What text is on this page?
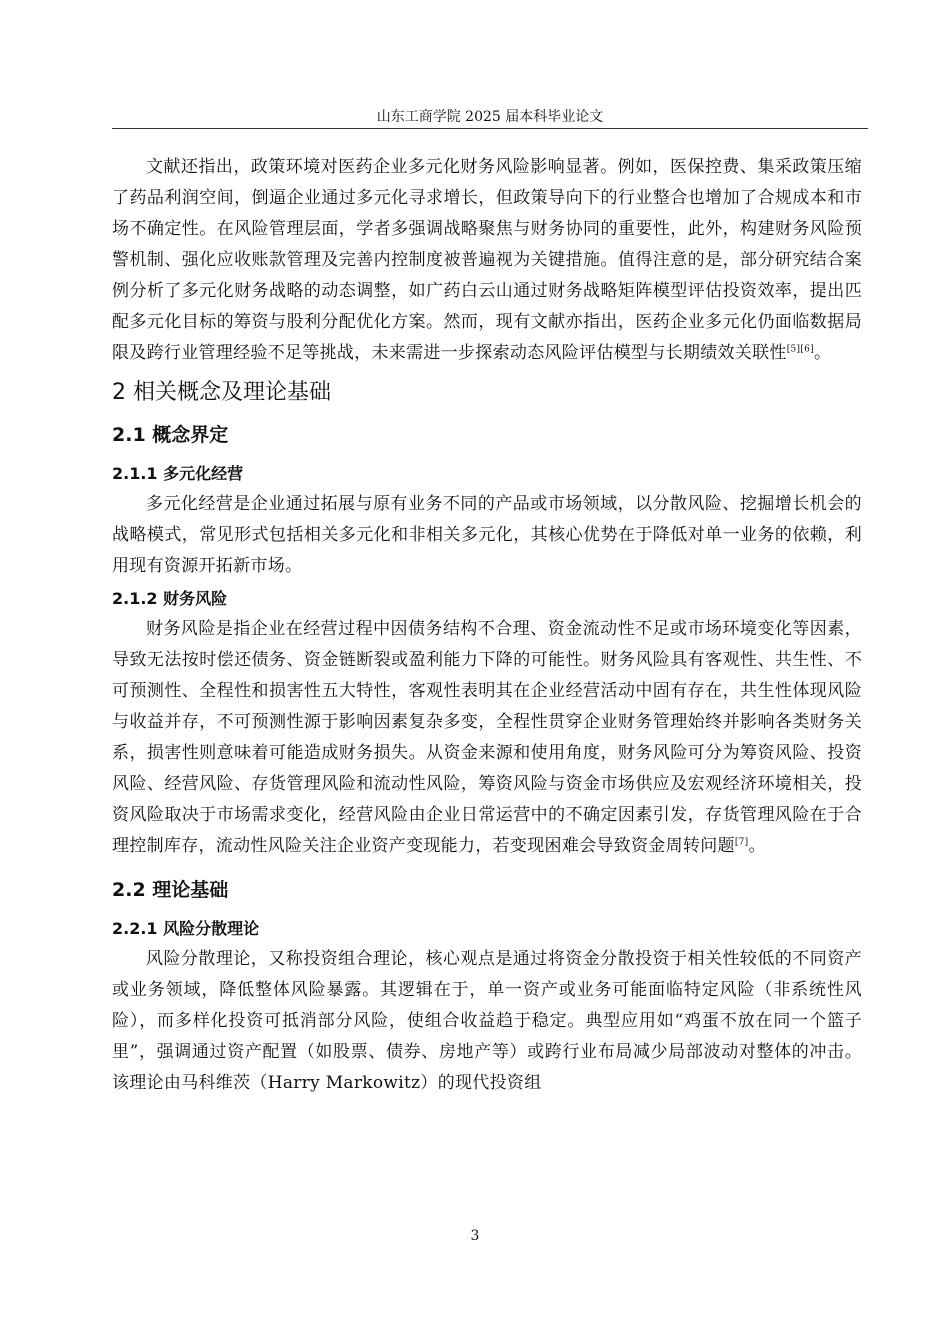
山东工商学院 2025 届本科毕业论文

文献还指出，政策环境对医药企业多元化财务风险影响显著。例如，医保控费、集采政策压缩了药品利润空间，倒逼企业通过多元化寻求增长，但政策导向下的行业整合也增加了合规成本和市场不确定性。在风险管理层面，学者多强调战略聚焦与财务协同的重要性，此外，构建财务风险预警机制、强化应收账款管理及完善内控制度被普遍视为关键措施。值得注意的是，部分研究结合案例分析了多元化财务战略的动态调整，如广药白云山通过财务战略矩阵模型评估投资效率，提出匹配多元化目标的筹资与股利分配优化方案。然而，现有文献亦指出，医药企业多元化仍面临数据局限及跨行业管理经验不足等挑战，未来需进一步探索动态风险评估模型与长期绩效关联性[5][6]。

2 相关概念及理论基础
2.1 概念界定
2.1.1 多元化经营

多元化经营是企业通过拓展与原有业务不同的产品或市场领域，以分散风险、挖掘增长机会的战略模式，常见形式包括相关多元化和非相关多元化，其核心优势在于降低对单一业务的依赖，利用现有资源开拓新市场。

2.1.2 财务风险

财务风险是指企业在经营过程中因债务结构不合理、资金流动性不足或市场环境变化等因素，导致无法按时偿还债务、资金链断裂或盈利能力下降的可能性。财务风险具有客观性、共生性、不可预测性、全程性和损害性五大特性，客观性表明其在企业经营活动中固有存在，共生性体现风险与收益并存，不可预测性源于影响因素复杂多变，全程性贯穿企业财务管理始终并影响各类财务关系，损害性则意味着可能造成财务损失。从资金来源和使用角度，财务风险可分为筹资风险、投资风险、经营风险、存货管理风险和流动性风险，筹资风险与资金市场供应及宏观经济环境相关，投资风险取决于市场需求变化，经营风险由企业日常运营中的不确定因素引发，存货管理风险在于合理控制库存，流动性风险关注企业资产变现能力，若变现困难会导致资金周转问题[7]。

2.2 理论基础
2.2.1 风险分散理论

风险分散理论，又称投资组合理论，核心观点是通过将资金分散投资于相关性较低的不同资产或业务领域，降低整体风险暴露。其逻辑在于，单一资产或业务可能面临特定风险（非系统性风险），而多样化投资可抵消部分风险，使组合收益趋于稳定。典型应用如“鸡蛋不放在同一个篮子里”，强调通过资产配置（如股票、债券、房地产等）或跨行业布局减少局部波动对整体的冲击。该理论由马科维茨（Harry Markowitz）的现代投资组

3
